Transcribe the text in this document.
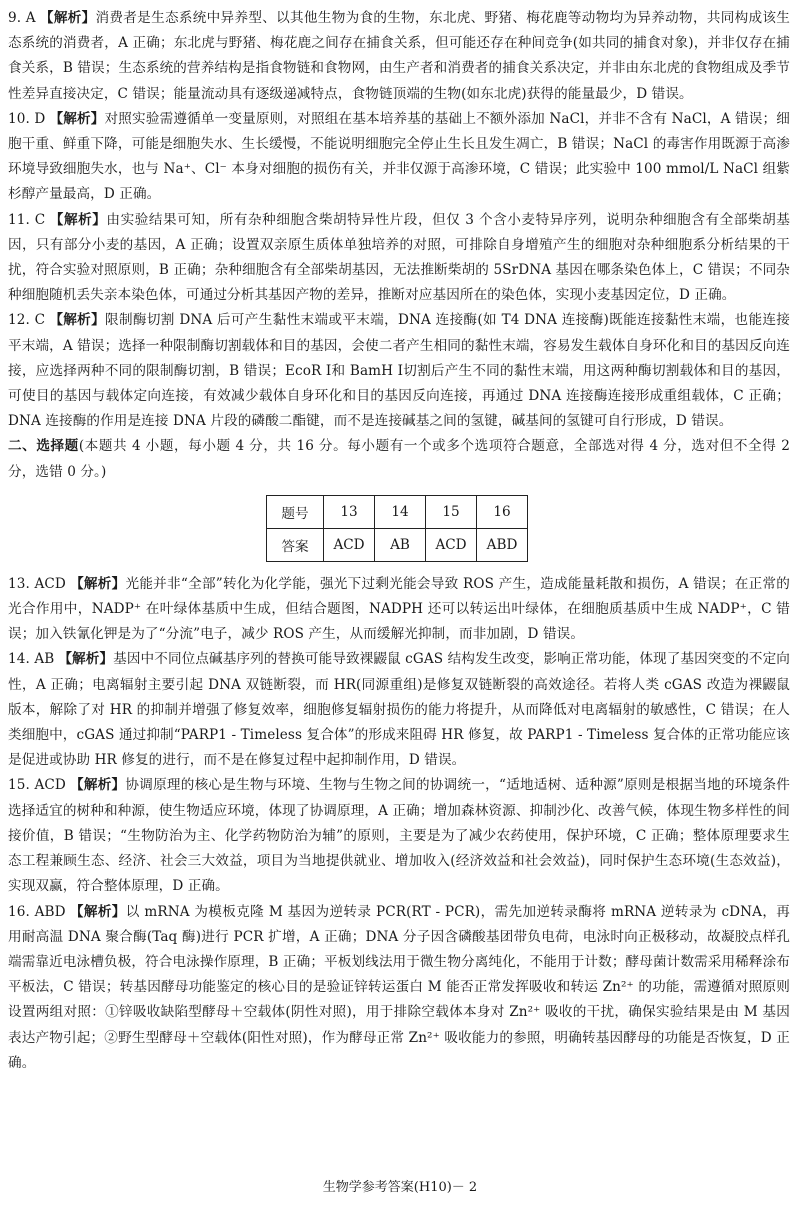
9. A 【解析】消费者是生态系统中异养型、以其他生物为食的生物，东北虎、野猪、梅花鹿等动物均为异养动物，共同构成该生态系统的消费者，A 正确；东北虎与野猪、梅花鹿之间存在捕食关系，但可能还存在种间竞争(如共同的捕食对象)，并非仅存在捕食关系，B 错误；生态系统的营养结构是指食物链和食物网，由生产者和消费者的捕食关系决定，并非由东北虎的食物组成及季节性差异直接决定，C 错误；能量流动具有逐级递减特点，食物链顶端的生物(如东北虎)获得的能量最少，D 错误。

10. D 【解析】对照实验需遵循单一变量原则，对照组在基本培养基的基础上不额外添加 NaCl，并非不含有 NaCl，A 错误；细胞干重、鲜重下降，可能是细胞失水、生长缓慢，不能说明细胞完全停止生长且发生凋亡，B 错误；NaCl 的毒害作用既源于高渗环境导致细胞失水，也与 Na⁺、Cl⁻ 本身对细胞的损伤有关，并非仅源于高渗环境，C 错误；此实验中 100 mmol/L NaCl 组紫杉醇产量最高，D 正确。

11. C 【解析】由实验结果可知，所有杂种细胞含柴胡特异性片段，但仅 3 个含小麦特异序列，说明杂种细胞含有全部柴胡基因，只有部分小麦的基因，A 正确；设置双亲原生质体单独培养的对照，可排除自身增殖产生的细胞对杂种细胞系分析结果的干扰，符合实验对照原则，B 正确；杂种细胞含有全部柴胡基因，无法推断柴胡的 5SrDNA 基因在哪条染色体上，C 错误；不同杂种细胞随机丢失亲本染色体，可通过分析其基因产物的差异，推断对应基因所在的染色体，实现小麦基因定位，D 正确。

12. C 【解析】限制酶切割 DNA 后可产生黏性末端或平末端，DNA 连接酶(如 T4 DNA 连接酶)既能连接黏性末端，也能连接平末端，A 错误；选择一种限制酶切割载体和目的基因，会使二者产生相同的黏性末端，容易发生载体自身环化和目的基因反向连接，应选择两种不同的限制酶切割，B 错误；EcoR Ⅰ和 BamH Ⅰ切割后产生不同的黏性末端，用这两种酶切割载体和目的基因，可使目的基因与载体定向连接，有效减少载体自身环化和目的基因反向连接，再通过 DNA 连接酶连接形成重组载体，C 正确；DNA 连接酶的作用是连接 DNA 片段的磷酸二酯键，而不是连接碱基之间的氢键，碱基间的氢键可自行形成，D 错误。

二、选择题(本题共 4 小题，每小题 4 分，共 16 分。每小题有一个或多个选项符合题意，全部选对得 4 分，选对但不全得 2 分，选错 0 分。)

题号	13	14	15	16
答案	ACD	AB	ACD	ABD

13. ACD 【解析】光能并非“全部”转化为化学能，强光下过剩光能会导致 ROS 产生，造成能量耗散和损伤，A 错误；在正常的光合作用中，NADP⁺ 在叶绿体基质中生成，但结合题图，NADPH 还可以转运出叶绿体，在细胞质基质中生成 NADP⁺，C 错误；加入铁氰化钾是为了“分流”电子，减少 ROS 产生，从而缓解光抑制，而非加剧，D 错误。

14. AB 【解析】基因中不同位点碱基序列的替换可能导致裸鼹鼠 cGAS 结构发生改变，影响正常功能，体现了基因突变的不定向性，A 正确；电离辐射主要引起 DNA 双链断裂，而 HR(同源重组)是修复双链断裂的高效途径。若将人类 cGAS 改造为裸鼹鼠版本，解除了对 HR 的抑制并增强了修复效率，细胞修复辐射损伤的能力将提升，从而降低对电离辐射的敏感性，C 错误；在人类细胞中，cGAS 通过抑制“PARP1 - Timeless 复合体”的形成来阻碍 HR 修复，故 PARP1 - Timeless 复合体的正常功能应该是促进或协助 HR 修复的进行，而不是在修复过程中起抑制作用，D 错误。

15. ACD 【解析】协调原理的核心是生物与环境、生物与生物之间的协调统一，“适地适树、适种源”原则是根据当地的环境条件选择适宜的树种和种源，使生物适应环境，体现了协调原理，A 正确；增加森林资源、抑制沙化、改善气候，体现生物多样性的间接价值，B 错误；“生物防治为主、化学药物防治为辅”的原则，主要是为了减少农药使用，保护环境，C 正确；整体原理要求生态工程兼顾生态、经济、社会三大效益，项目为当地提供就业、增加收入(经济效益和社会效益)，同时保护生态环境(生态效益)，实现双赢，符合整体原理，D 正确。

16. ABD 【解析】以 mRNA 为模板克隆 M 基因为逆转录 PCR(RT - PCR)，需先加逆转录酶将 mRNA 逆转录为 cDNA，再用耐高温 DNA 聚合酶(Taq 酶)进行 PCR 扩增，A 正确；DNA 分子因含磷酸基团带负电荷，电泳时向正极移动，故凝胶点样孔端需靠近电泳槽负极，符合电泳操作原理，B 正确；平板划线法用于微生物分离纯化，不能用于计数；酵母菌计数需采用稀释涂布平板法，C 错误；转基因酵母功能鉴定的核心目的是验证锌转运蛋白 M 能否正常发挥吸收和转运 Zn²⁺ 的功能，需遵循对照原则设置两组对照：①锌吸收缺陷型酵母＋空载体(阴性对照)，用于排除空载体本身对 Zn²⁺ 吸收的干扰，确保实验结果是由 M 基因表达产物引起；②野生型酵母＋空载体(阳性对照)，作为酵母正常 Zn²⁺ 吸收能力的参照，明确转基因酵母的功能是否恢复，D 正确。

生物学参考答案(H10)－ 2
